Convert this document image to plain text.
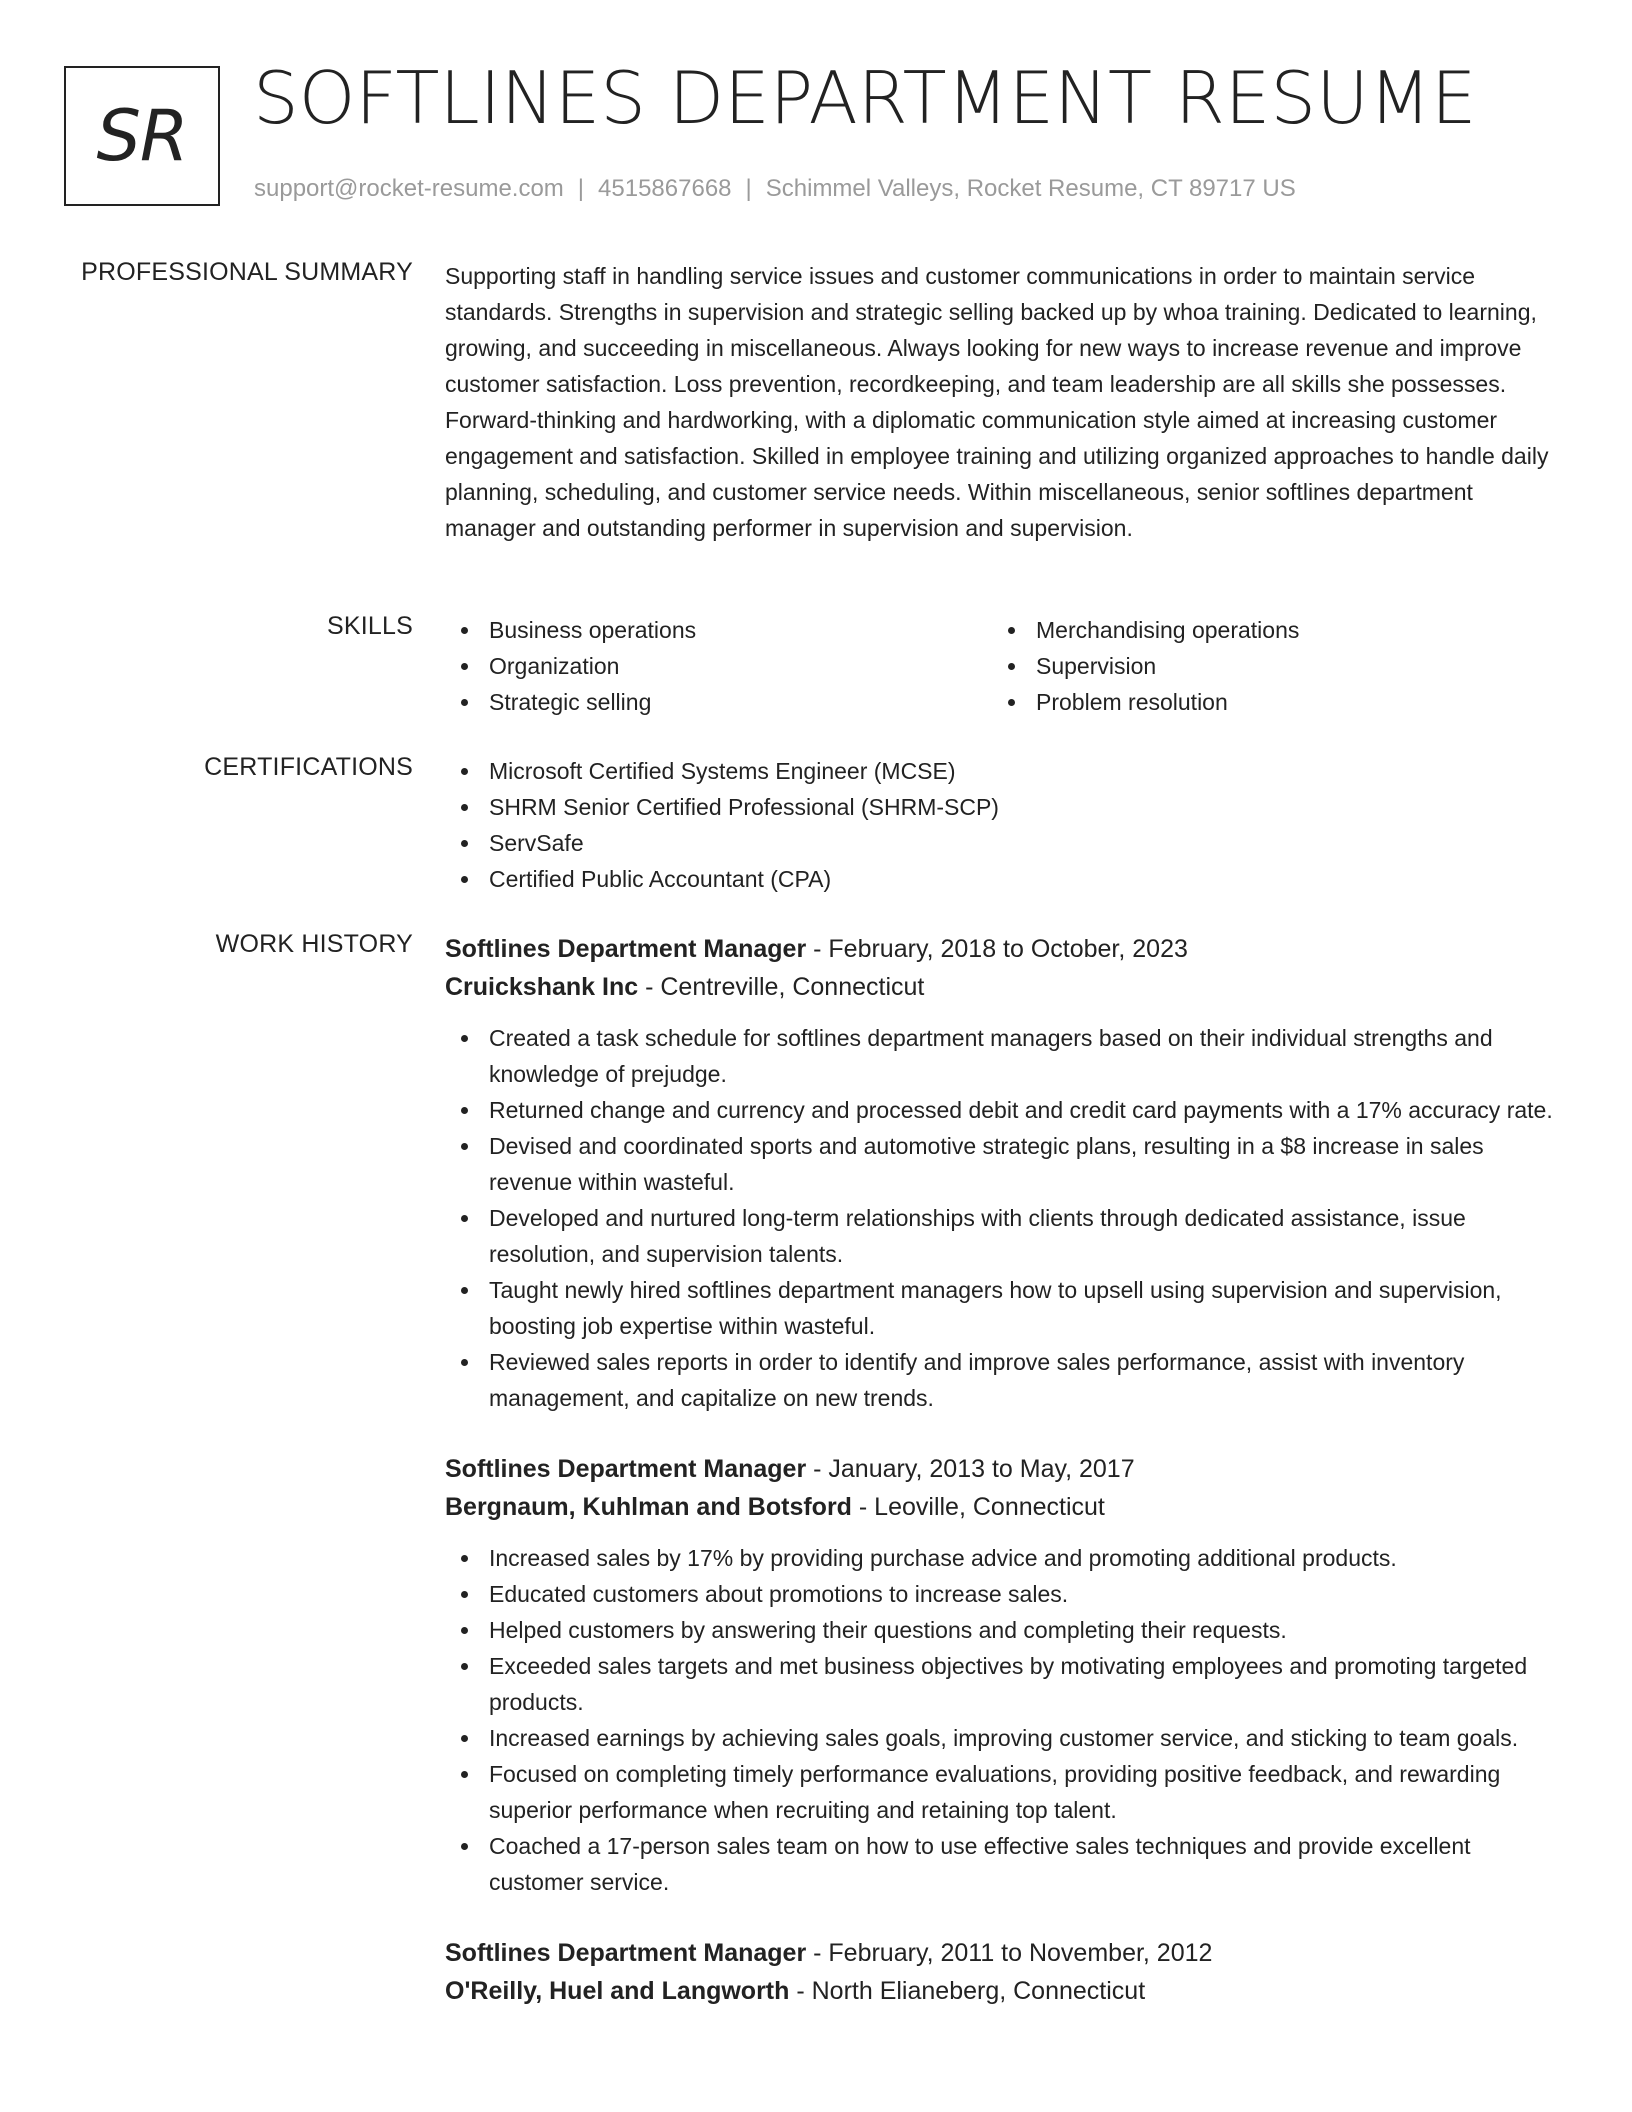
SR SOFTLINES DEPARTMENT RESUME
support@rocket-resume.com | 4515867668 | Schimmel Valleys, Rocket Resume, CT 89717 US
PROFESSIONAL SUMMARY Supporting staff in handling service issues and customer communications in order to maintain service standards. Strengths in supervision and strategic selling backed up by whoa training. Dedicated to learning, growing, and succeeding in miscellaneous. Always looking for new ways to increase revenue and improve customer satisfaction. Loss prevention, recordkeeping, and team leadership are all skills she possesses. Forward-thinking and hardworking, with a diplomatic communication style aimed at increasing customer engagement and satisfaction. Skilled in employee training and utilizing organized approaches to handle daily planning, scheduling, and customer service needs. Within miscellaneous, senior softlines department manager and outstanding performer in supervision and supervision.
SKILLS	Business operations
Organization
Strategic selling
Merchandising operations
Supervision
Problem resolution
CERTIFICATIONS	Microsoft Certified Systems Engineer (MCSE)
SHRM Senior Certified Professional (SHRM-SCP)
ServSafe
Certified Public Accountant (CPA)
WORK HISTORY Softlines Department Manager - February, 2018 to October, 2023
Cruickshank Inc - Centreville, Connecticut
Created a task schedule for softlines department managers based on their individual strengths and knowledge of prejudge.
Returned change and currency and processed debit and credit card payments with a 17% accuracy rate.
Devised and coordinated sports and automotive strategic plans, resulting in a $8 increase in sales revenue within wasteful.
Developed and nurtured long-term relationships with clients through dedicated assistance, issue resolution, and supervision talents.
Taught newly hired softlines department managers how to upsell using supervision and supervision, boosting job expertise within wasteful.
Reviewed sales reports in order to identify and improve sales performance, assist with inventory management, and capitalize on new trends.
Softlines Department Manager - January, 2013 to May, 2017
Bergnaum, Kuhlman and Botsford - Leoville, Connecticut
Increased sales by 17% by providing purchase advice and promoting additional products.
Educated customers about promotions to increase sales.
Helped customers by answering their questions and completing their requests.
Exceeded sales targets and met business objectives by motivating employees and promoting targeted products.
Increased earnings by achieving sales goals, improving customer service, and sticking to team goals.
Focused on completing timely performance evaluations, providing positive feedback, and rewarding superior performance when recruiting and retaining top talent.
Coached a 17-person sales team on how to use effective sales techniques and provide excellent customer service.
Softlines Department Manager - February, 2011 to November, 2012
O'Reilly, Huel and Langworth - North Elianeberg, Connecticut
